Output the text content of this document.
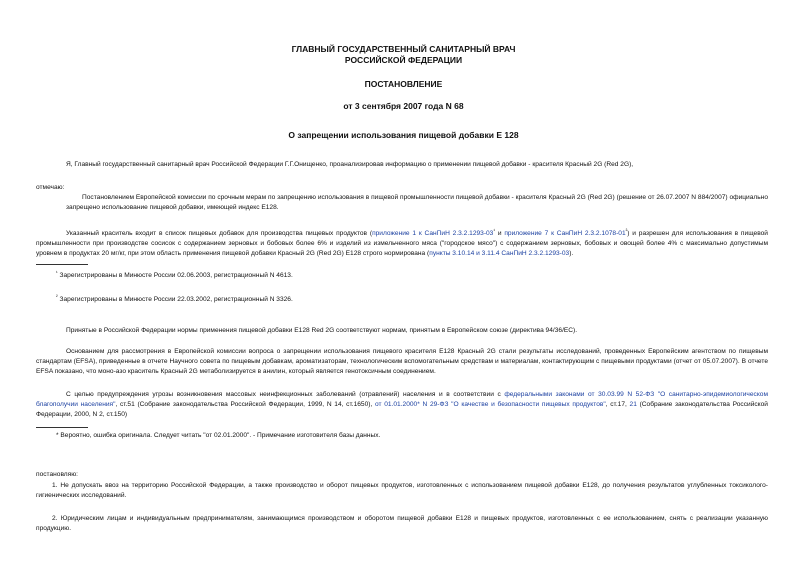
ГЛАВНЫЙ ГОСУДАРСТВЕННЫЙ САНИТАРНЫЙ ВРАЧ
РОССИЙСКОЙ ФЕДЕРАЦИИ
ПОСТАНОВЛЕНИЕ
от 3 сентября 2007 года N 68
О запрещении использования пищевой добавки Е 128
Я, Главный государственный санитарный врач Российской Федерации Г.Г.Онищенко, проанализировав информацию о применении пищевой добавки - красителя Красный 2G (Red 2G),
отмечаю:
Постановлением Европейской комиссии по срочным мерам по запрещению использования в пищевой промышленности пищевой добавки - красителя Красный 2G (Red 2G) (решение от 26.07.2007 N 884/2007) официально запрещено использование пищевой добавки, имеющей индекс Е128.
Указанный краситель входит в список пищевых добавок для производства пищевых продуктов (приложение 1 к СанПиН $2.3.2.1293-03^{^1}$ и приложение 7 к СанПиН $2.3.2.1078-01^{^2}$) и разрешен для использования в пищевой промышленности при производстве сосисок с содержанием зерновых и бобовых более 6% и изделий из измельченного мяса ("городское мясо") с содержанием зерновых, бобовых и овощей более 4% с максимально допустимым уровнем в продуктах 20 мг/кг, при этом область применения пищевой добавки Красный 2G (Red 2G) Е128 строго нормирована (пункты 3.10.14 и 3.11.4 СанПиН 2.3.2.1293-03).
$^{^1}$ Зарегистрированы в Минюсте России 02.06.2003, регистрационный N 4613.
$^{^2}$ Зарегистрированы в Минюсте России 22.03.2002, регистрационный N 3326.
Принятые в Российской Федерации нормы применения пищевой добавки Е128 Red 2G соответствуют нормам, принятым в Европейском союзе (директива 94/36/ЕС).
Основанием для рассмотрения в Европейской комиссии вопроса о запрещении использования пищевого красителя Е128 Красный 2G стали результаты исследований, проведенных Европейским агентством по пищевым стандартам (EFSA), приведенные в отчете Научного совета по пищевым добавкам, ароматизаторам, технологическим вспомогательным средствам и материалам, контактирующим с пищевыми продуктами (отчет от 05.07.2007). В отчете EFSA показано, что моно-азо краситель Красный 2G метаболизируется в анилин, который является генотоксичным соединением.
С целью предупреждения угрозы возникновения массовых неинфекционных заболеваний (отравлений) населения и в соответствии с федеральными законами от 30.03.99 N 52-ФЗ "О санитарно-эпидемиологическом благополучии населения", ст.51 (Собрание законодательства Российской Федерации, 1999, N 14, ст.1650), от 01.01.2000* N 29-ФЗ "О качестве и безопасности пищевых продуктов", ст.17, 21 (Собрание законодательства Российской Федерации, 2000, N 2, ст.150)
* Вероятно, ошибка оригинала. Следует читать "от 02.01.2000". - Примечание изготовителя базы данных.
постановляю:
1. Не допускать ввоз на территорию Российской Федерации, а также производство и оборот пищевых продуктов, изготовленных с использованием пищевой добавки Е128, до получения результатов углубленных токсиколого-гигиенических исследований.
2. Юридическим лицам и индивидуальным предпринимателям, занимающимся производством и оборотом пищевой добавки Е128 и пищевых продуктов, изготовленных с ее использованием, снять с реализации указанную продукцию.
